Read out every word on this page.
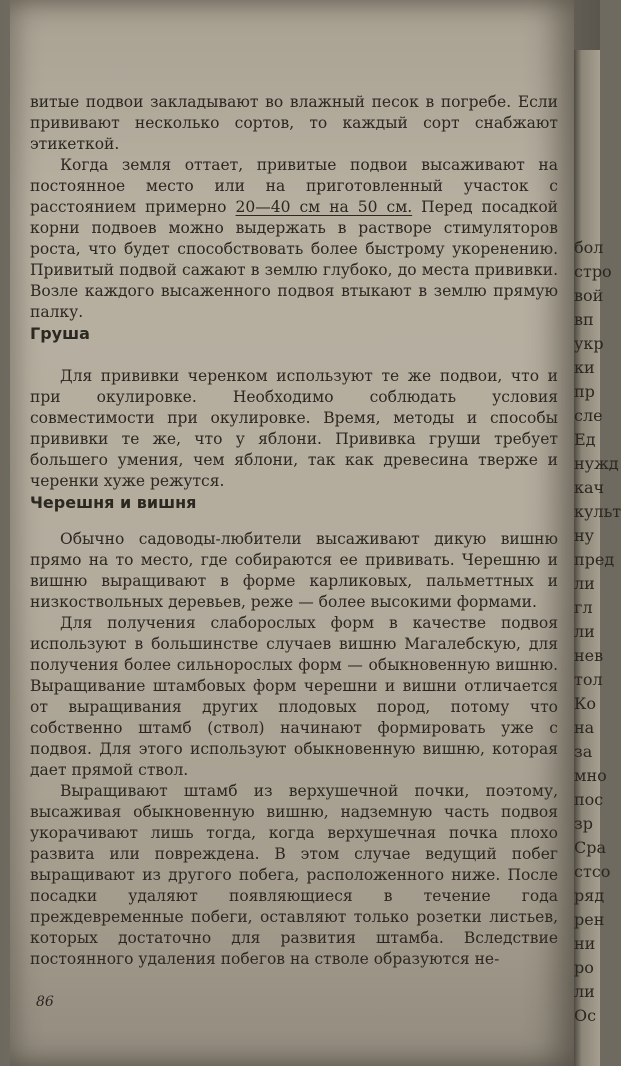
бол
стро
вой
вп
укр
ки
пр
сле
Ед
нужд
кач
культ
ну
пред
ли
гл
ли
нев
тол
Ко
на
за
мно
пос
зр
Сра
стсо
ряд
рен
ни
ро
ли
Ос

витые подвои закладывают во влажный песок в погребе. Если прививают несколько сортов, то каждый сорт снабжают этикеткой.

Когда земля оттает, привитые подвои высаживают на постоянное место или на приготовленный участок с расстоянием примерно 20—40 см на 50 см. Перед посадкой корни подвоев можно выдержать в растворе стимуляторов роста, что будет способствовать более быстрому укоренению. Привитый подвой сажают в землю глубоко, до места прививки. Возле каждого высаженного подвоя втыкают в землю прямую палку.

Груша

Для прививки черенком используют те же подвои, что и при окулировке. Необходимо соблюдать условия совместимости при окулировке. Время, методы и способы прививки те же, что у яблони. Прививка груши требует большего умения, чем яблони, так как древесина тверже и черенки хуже режутся.

Черешня и вишня

Обычно садоводы-любители высаживают дикую вишню прямо на то место, где собираются ее прививать. Черешню и вишню выращивают в форме карликовых, пальметтных и низкоствольных деревьев, реже — более высокими формами.

Для получения слаборослых форм в качестве подвоя используют в большинстве случаев вишню Магалебскую, для получения более сильнорослых форм — обыкновенную вишню. Выращивание штамбовых форм черешни и вишни отличается от выращивания других плодовых пород, потому что собственно штамб (ствол) начинают формировать уже с подвоя. Для этого используют обыкновенную вишню, которая дает прямой ствол.

Выращивают штамб из верхушечной почки, поэтому, высаживая обыкновенную вишню, надземную часть подвоя укорачивают лишь тогда, когда верхушечная почка плохо развита или повреждена. В этом случае ведущий побег выращивают из другого побега, расположенного ниже. После посадки удаляют появляющиеся в течение года преждевременные побеги, оставляют только розетки листьев, которых достаточно для развития штамба. Вследствие постоянного удаления побегов на стволе образуются не-

86
